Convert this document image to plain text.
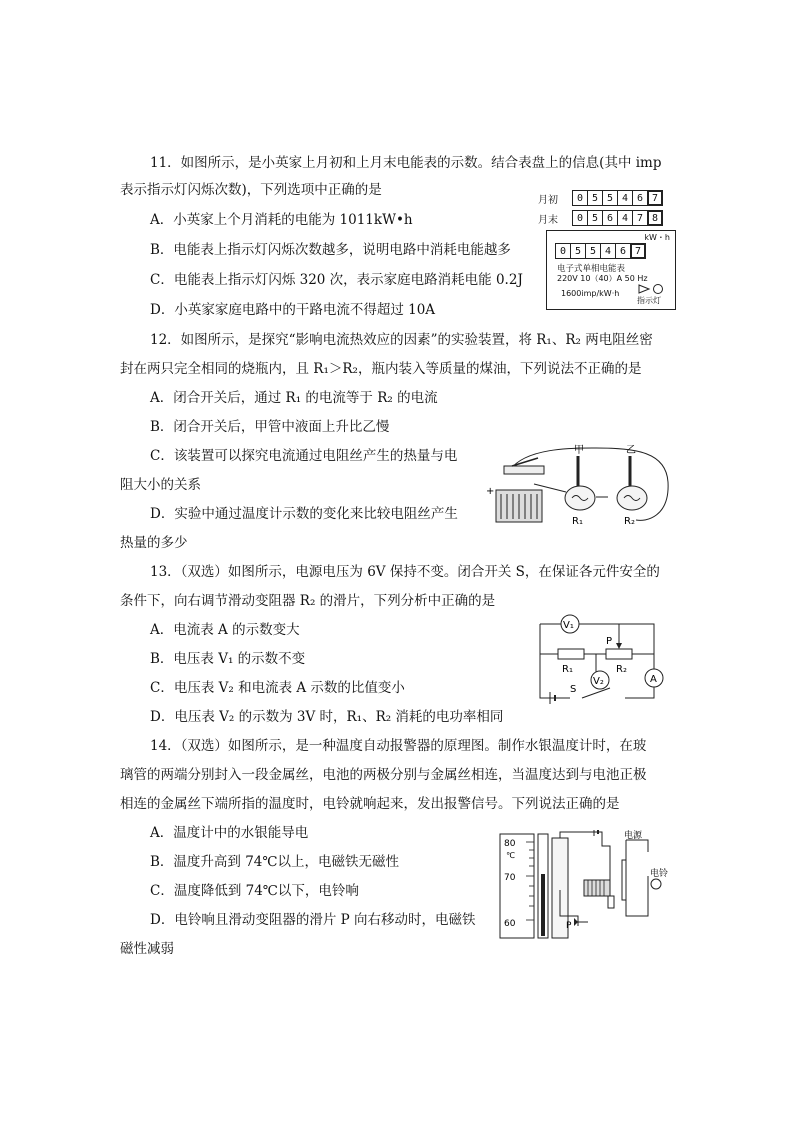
11．如图所示，是小英家上月初和上月末电能表的示数。结合表盘上的信息(其中 imp
表示指示灯闪烁次数)，下列选项中正确的是
A．小英家上个月消耗的电能为 1011kW•h
B．电能表上指示灯闪烁次数越多，说明电路中消耗电能越多
C．电能表上指示灯闪烁 320 次，表示家庭电路消耗电能 0.2J
D．小英家家庭电路中的干路电流不得超过 10A
月初	0 5 5 4 6 7
月末	0 5 6 4 7 8
kW・h
0 5 5 4 6 7
电子式单相电能表
220V 10（40）A 50 Hz
1600imp/kW·h
指示灯
12．如图所示，是探究“影响电流热效应的因素”的实验装置，将 R₁、R₂ 两电阻丝密
封在两只完全相同的烧瓶内，且 R₁＞R₂，瓶内装入等质量的煤油，下列说法不正确的是
A．闭合开关后，通过 R₁ 的电流等于 R₂ 的电流
B．闭合开关后，甲管中液面上升比乙慢
C．该装置可以探究电流通过电阻丝产生的热量与电
阻大小的关系
D．实验中通过温度计示数的变化来比较电阻丝产生
热量的多少
+
甲
R₁
乙
R₂
13．（双选）如图所示，电源电压为 6V 保持不变。闭合开关 S，在保证各元件安全的
条件下，向右调节滑动变阻器 R₂ 的滑片，下列分析中正确的是
A．电流表 A 的示数变大
B．电压表 V₁ 的示数不变
C．电压表 V₂ 和电流表 A 示数的比值变小
D．电压表 V₂ 的示数为 3V 时，R₁、R₂ 消耗的电功率相同
V₁
R₁	R₂
P
V₂	A
S
14．（双选）如图所示，是一种温度自动报警器的原理图。制作水银温度计时，在玻
璃管的两端分别封入一段金属丝，电池的两极分别与金属丝相连，当温度达到与电池正极
相连的金属丝下端所指的温度时，电铃就响起来，发出报警信号。下列说法正确的是
A．温度计中的水银能导电
B．温度升高到 74℃以上，电磁铁无磁性
C．温度降低到 74℃以下，电铃响
D．电铃响且滑动变阻器的滑片 P 向右移动时，电磁铁
磁性减弱
80
℃
70
60	P
电源
电铃
